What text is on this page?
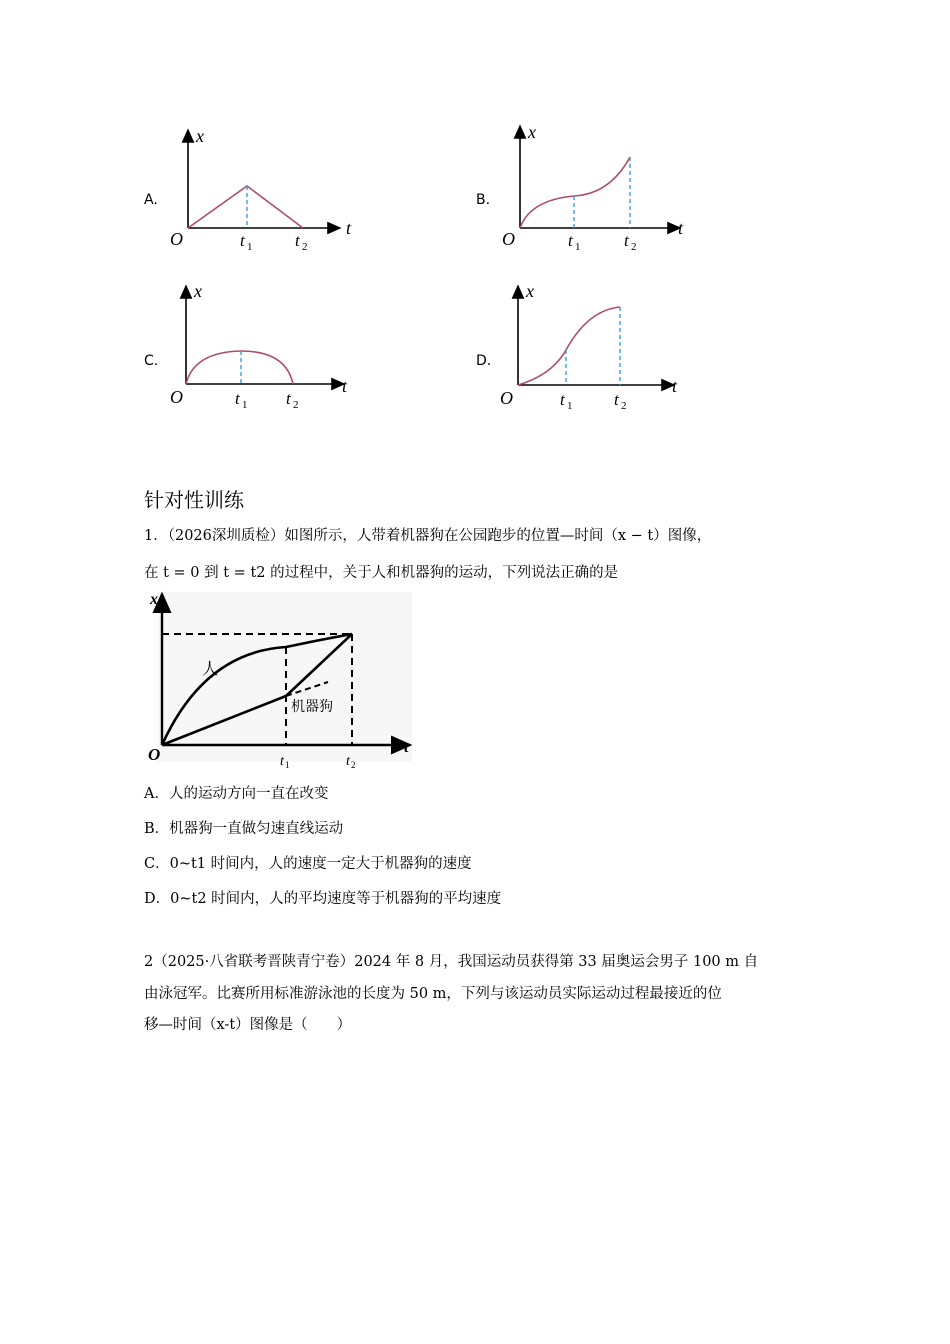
A.	B.
C.	D.
x
t
O	t 1	t 2
x
t
O	t 1	t 2
x
t
O	t 1 t 2
x
t
O	t 1 t 2
针对性训练
1．（2026深圳质检）如图所示，人带着机器狗在公园跑步的位置—时间（x − t）图像，
在 t = 0 到 t = t2 的过程中，关于人和机器狗的运动，下列说法正确的是
x
t
O
人
机器狗
t 1	t 2
A．人的运动方向一直在改变
B．机器狗一直做匀速直线运动
C．0~t1 时间内，人的速度一定大于机器狗的速度
D．0~t2 时间内，人的平均速度等于机器狗的平均速度
2（2025·八省联考晋陕青宁卷）2024 年 8 月，我国运动员获得第 33 届奥运会男子 100 m 自
由泳冠军。比赛所用标准游泳池的长度为 50 m，下列与该运动员实际运动过程最接近的位
移—时间（x-t）图像是（　　）
